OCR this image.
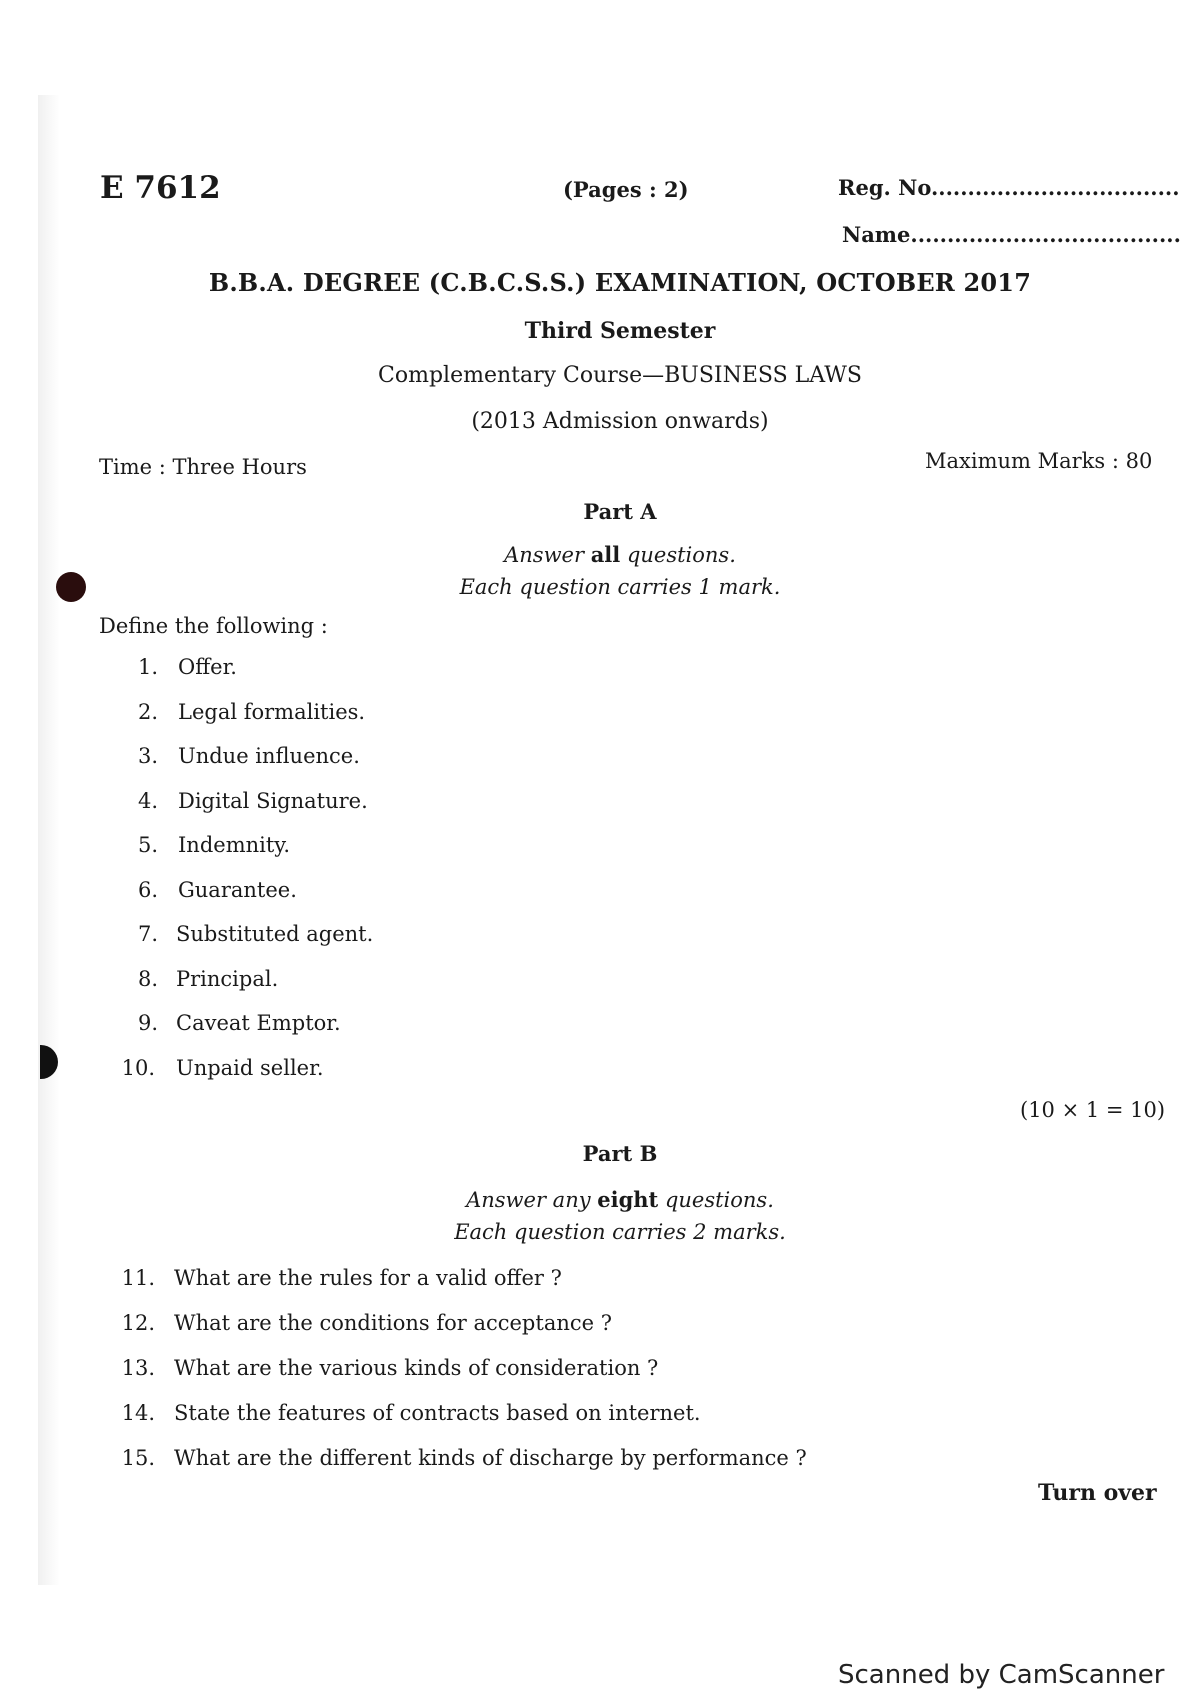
E 7612	(Pages : 2)	Reg. No..................................
Name.....................................
B.B.A. DEGREE (C.B.C.S.S.) EXAMINATION, OCTOBER 2017
Third Semester
Complementary Course—BUSINESS LAWS
(2013 Admission onwards)
Time : Three Hours	Maximum Marks : 80
Part A
Answer all questions.
Each question carries 1 mark.
Define the following :
1. Offer.
2. Legal formalities.
3. Undue influence.
4. Digital Signature.
5. Indemnity.
6. Guarantee.
7. Substituted agent.
8. Principal.
9. Caveat Emptor.
10. Unpaid seller.
(10 × 1 = 10)
Part B
Answer any eight questions.
Each question carries 2 marks.
11. What are the rules for a valid offer ?
12. What are the conditions for acceptance ?
13. What are the various kinds of consideration ?
14. State the features of contracts based on internet.
15. What are the different kinds of discharge by performance ?
Turn over
Scanned by CamScanner
